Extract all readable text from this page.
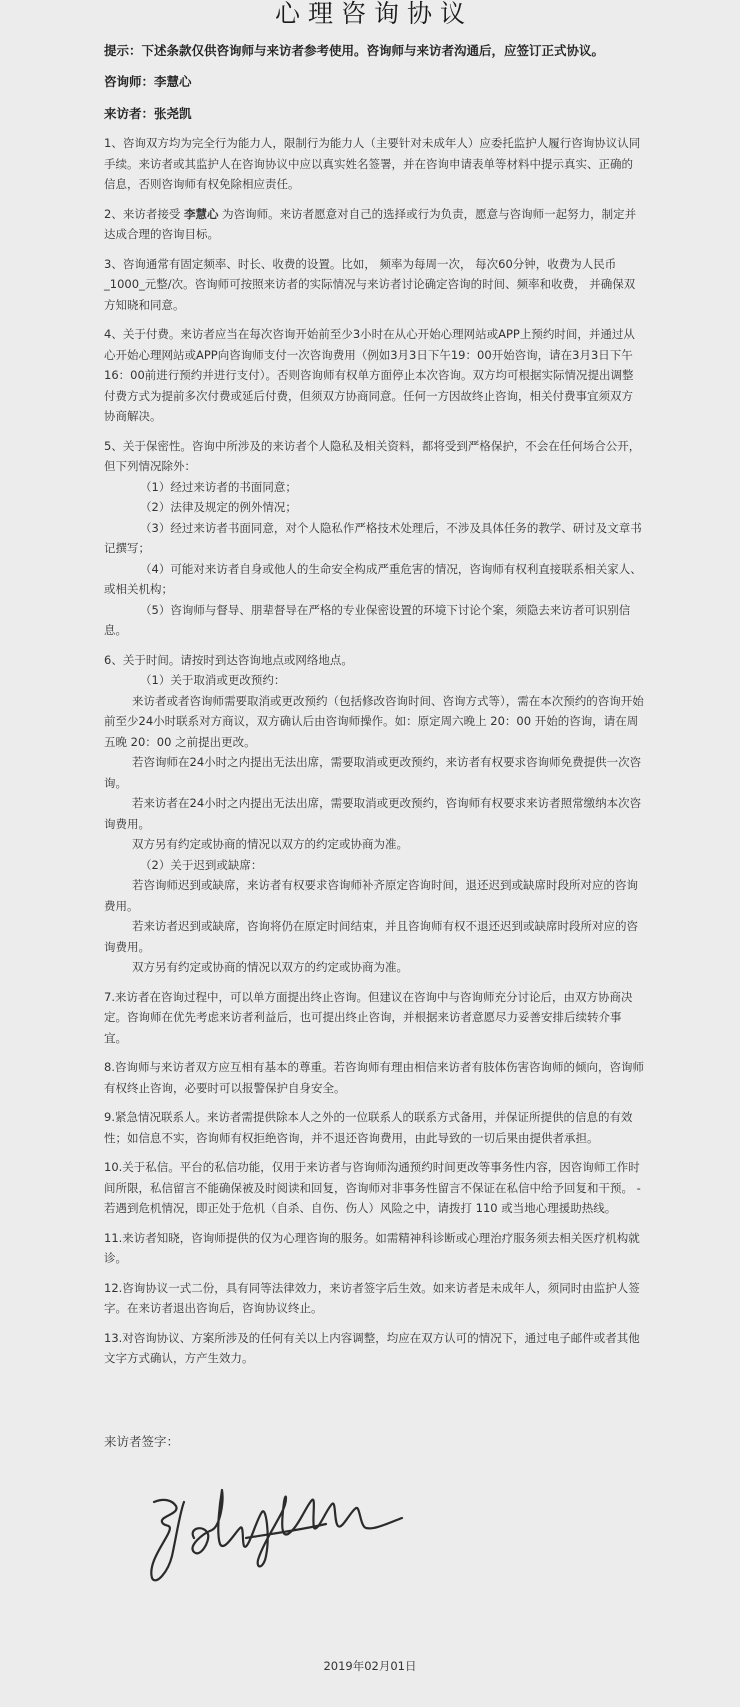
心理咨询协议

提示：下述条款仅供咨询师与来访者参考使用。咨询师与来访者沟通后，应签订正式协议。

咨询师：李慧心

来访者：张尧凯

1、咨询双方均为完全行为能力人，限制行为能力人（主要针对未成年人）应委托监护人履行咨询协议认同手续。来访者或其监护人在咨询协议中应以真实姓名签署，并在咨询申请表单等材料中提示真实、正确的信息，否则咨询师有权免除相应责任。

2、来访者接受 李慧心 为咨询师。来访者愿意对自己的选择或行为负责，愿意与咨询师一起努力，制定并达成合理的咨询目标。

3、咨询通常有固定频率、时长、收费的设置。比如， 频率为每周一次， 每次60分钟，收费为人民币_1000_元整/次。咨询师可按照来访者的实际情况与来访者讨论确定咨询的时间、频率和收费， 并确保双方知晓和同意。

4、关于付费。来访者应当在每次咨询开始前至少3小时在从心开始心理网站或APP上预约时间，并通过从心开始心理网站或APP向咨询师支付一次咨询费用（例如3月3日下午19：00开始咨询，请在3月3日下午16：00前进行预约并进行支付）。否则咨询师有权单方面停止本次咨询。双方均可根据实际情况提出调整付费方式为提前多次付费或延后付费，但须双方协商同意。任何一方因故终止咨询，相关付费事宜须双方协商解决。

5、关于保密性。咨询中所涉及的来访者个人隐私及相关资料，都将受到严格保护，不会在任何场合公开，但下列情况除外：

（1）经过来访者的书面同意；

（2）法律及规定的例外情况；

（3）经过来访者书面同意，对个人隐私作严格技术处理后，不涉及具体任务的教学、研讨及文章书记撰写；

（4）可能对来访者自身或他人的生命安全构成严重危害的情况，咨询师有权利直接联系相关家人、或相关机构；

（5）咨询师与督导、朋辈督导在严格的专业保密设置的环境下讨论个案，须隐去来访者可识别信息。

6、关于时间。请按时到达咨询地点或网络地点。

（1）关于取消或更改预约：

来访者或者咨询师需要取消或更改预约（包括修改咨询时间、咨询方式等），需在本次预约的咨询开始前至少24小时联系对方商议，双方确认后由咨询师操作。如：原定周六晚上 20：00 开始的咨询，请在周五晚 20：00 之前提出更改。

若咨询师在24小时之内提出无法出席，需要取消或更改预约，来访者有权要求咨询师免费提供一次咨询。

若来访者在24小时之内提出无法出席，需要取消或更改预约，咨询师有权要求来访者照常缴纳本次咨询费用。

双方另有约定或协商的情况以双方的约定或协商为准。

（2）关于迟到或缺席：

若咨询师迟到或缺席，来访者有权要求咨询师补齐原定咨询时间，退还迟到或缺席时段所对应的咨询费用。

若来访者迟到或缺席，咨询将仍在原定时间结束，并且咨询师有权不退还迟到或缺席时段所对应的咨询费用。

双方另有约定或协商的情况以双方的约定或协商为准。

7.来访者在咨询过程中，可以单方面提出终止咨询。但建议在咨询中与咨询师充分讨论后，由双方协商决定。咨询师在优先考虑来访者利益后，也可提出终止咨询，并根据来访者意愿尽力妥善安排后续转介事宜。

8.咨询师与来访者双方应互相有基本的尊重。若咨询师有理由相信来访者有肢体伤害咨询师的倾向，咨询师有权终止咨询，必要时可以报警保护自身安全。

9.紧急情况联系人。来访者需提供除本人之外的一位联系人的联系方式备用，并保证所提供的信息的有效性；如信息不实，咨询师有权拒绝咨询，并不退还咨询费用，由此导致的一切后果由提供者承担。

10.关于私信。平台的私信功能，仅用于来访者与咨询师沟通预约时间更改等事务性内容，因咨询师工作时间所限，私信留言不能确保被及时阅读和回复，咨询师对非事务性留言不保证在私信中给予回复和干预。 - 若遇到危机情况，即正处于危机（自杀、自伤、伤人）风险之中，请拨打 110 或当地心理援助热线。

11.来访者知晓，咨询师提供的仅为心理咨询的服务。如需精神科诊断或心理治疗服务须去相关医疗机构就诊。

12.咨询协议一式二份，具有同等法律效力，来访者签字后生效。如来访者是未成年人，须同时由监护人签字。在来访者退出咨询后，咨询协议终止。

13.对咨询协议、方案所涉及的任何有关以上内容调整，均应在双方认可的情况下，通过电子邮件或者其他文字方式确认，方产生效力。

来访者签字：
2019年02月01日
